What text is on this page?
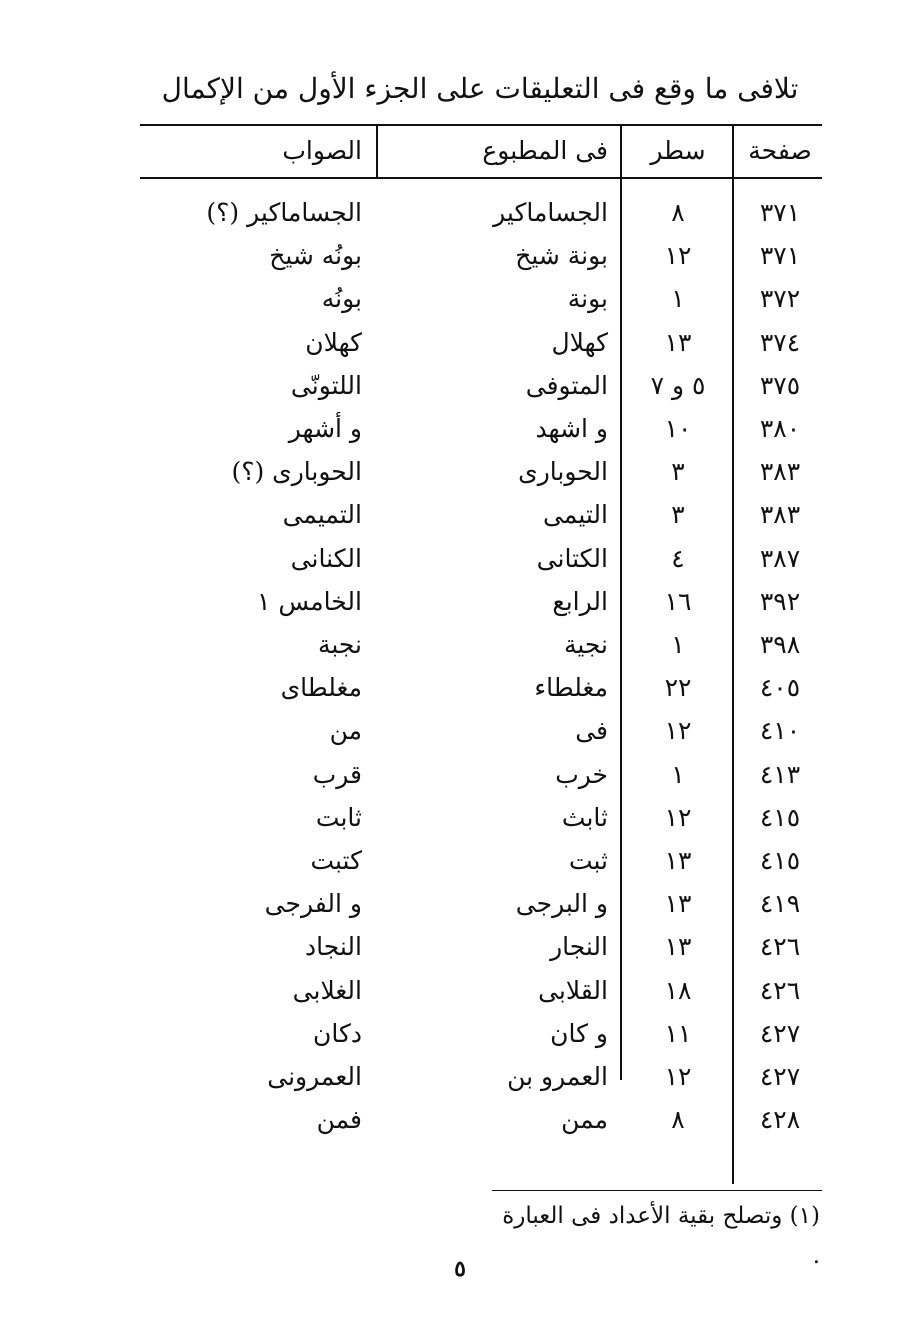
تلافى ما وقع فى التعليقات على الجزء الأول من الإكمال
صفحة
سطر
فى المطبوع
الصواب
٣٧١
٨
الجساماكير
الجساماكير (؟)
٣٧١
١٢
بونة شيخ
بونُه شيخ
٣٧٢
١
بونة
بونُه
٣٧٤
١٣
كهلال
كهلان
٣٧٥
٥ و ٧
المتوفى
اللتونّى
٣٨٠
١٠
و اشهد
و أشهر
٣٨٣
٣
الحوبارى
الحوبارى (؟)
٣٨٣
٣
التيمى
التميمى
٣٨٧
٤
الكتانى
الكنانى
٣٩٢
١٦
الرابع
الخامس ١
٣٩٨
١
نجية
نجبة
٤٠٥
٢٢
مغلطاء
مغلطاى
٤١٠
١٢
فى
من
٤١٣
١
خرب
قرب
٤١٥
١٢
ثابث
ثابت
٤١٥
١٣
ثبت
كتبت
٤١٩
١٣
و البرجى
و الفرجى
٤٢٦
١٣
النجار
النجاد
٤٢٦
١٨
القلابى
الغلابى
٤٢٧
١١
و كان
دكان
٤٢٧
١٢
العمرو بن
العمرونى
٤٢٨
٨
ممن
فمن
(١) وتصلح بقية الأعداد فى العبارة .
٥
